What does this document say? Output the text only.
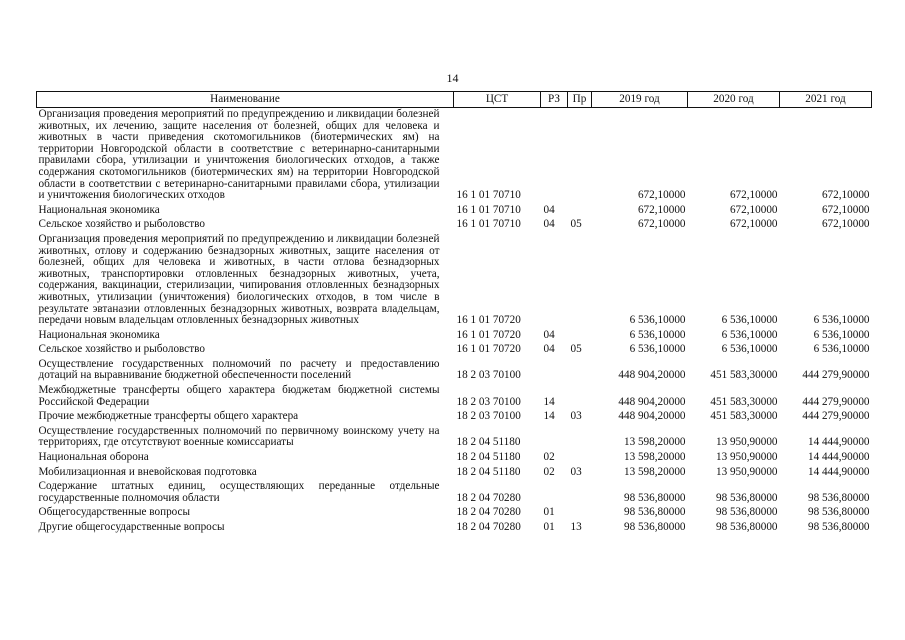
14
Наименование	ЦСТ	РЗ	Пр	2019 год	2020 год	2021 год
Организация проведения мероприятий по предупреждению и ликвидации болезней животных, их лечению, защите населения от болезней, общих для человека и животных в части приведения скотомогильников (биотермических ям) на территории Новгородской области в соответствие с ветеринарно-санитарными правилами сбора, утилизации и уничтожения биологических отходов, а также содержания скотомогильников (биотермических ям) на территории Новгородской области в соответствии с ветеринарно-санитарными правилами сбора, утилизации и уничтожения биологических отходов	16 1 01 70710			672,10000	672,10000	672,10000
Национальная экономика	16 1 01 70710	04		672,10000	672,10000	672,10000
Сельское хозяйство и рыболовство	16 1 01 70710	04	05	672,10000	672,10000	672,10000
Организация проведения мероприятий по предупреждению и ликвидации болезней животных, отлову и содержанию безнадзорных животных, защите населения от болезней, общих для человека и животных, в части отлова безнадзорных животных, транспортировки отловленных безнадзорных животных, учета, содержания, вакцинации, стерилизации, чипирования отловленных безнадзорных животных, утилизации (уничтожения) биологических отходов, в том числе в результате эвтаназии отловленных безнадзорных животных, возврата владельцам, передачи новым владельцам отловленных безнадзорных животных	16 1 01 70720			6 536,10000	6 536,10000	6 536,10000
Национальная экономика	16 1 01 70720	04		6 536,10000	6 536,10000	6 536,10000
Сельское хозяйство и рыболовство	16 1 01 70720	04	05	6 536,10000	6 536,10000	6 536,10000
Осуществление государственных полномочий по расчету и предоставлению дотаций на выравнивание бюджетной обеспеченности поселений	18 2 03 70100			448 904,20000	451 583,30000	444 279,90000
Межбюджетные трансферты общего характера бюджетам бюджетной системы Российской Федерации	18 2 03 70100	14		448 904,20000	451 583,30000	444 279,90000
Прочие межбюджетные трансферты общего характера	18 2 03 70100	14	03	448 904,20000	451 583,30000	444 279,90000
Осуществление государственных полномочий по первичному воинскому учету на территориях, где отсутствуют военные комиссариаты	18 2 04 51180			13 598,20000	13 950,90000	14 444,90000
Национальная оборона	18 2 04 51180	02		13 598,20000	13 950,90000	14 444,90000
Мобилизационная и вневойсковая подготовка	18 2 04 51180	02	03	13 598,20000	13 950,90000	14 444,90000
Содержание штатных единиц, осуществляющих переданные отдельные государственные полномочия области	18 2 04 70280			98 536,80000	98 536,80000	98 536,80000
Общегосударственные вопросы	18 2 04 70280	01		98 536,80000	98 536,80000	98 536,80000
Другие общегосударственные вопросы	18 2 04 70280	01	13	98 536,80000	98 536,80000	98 536,80000
